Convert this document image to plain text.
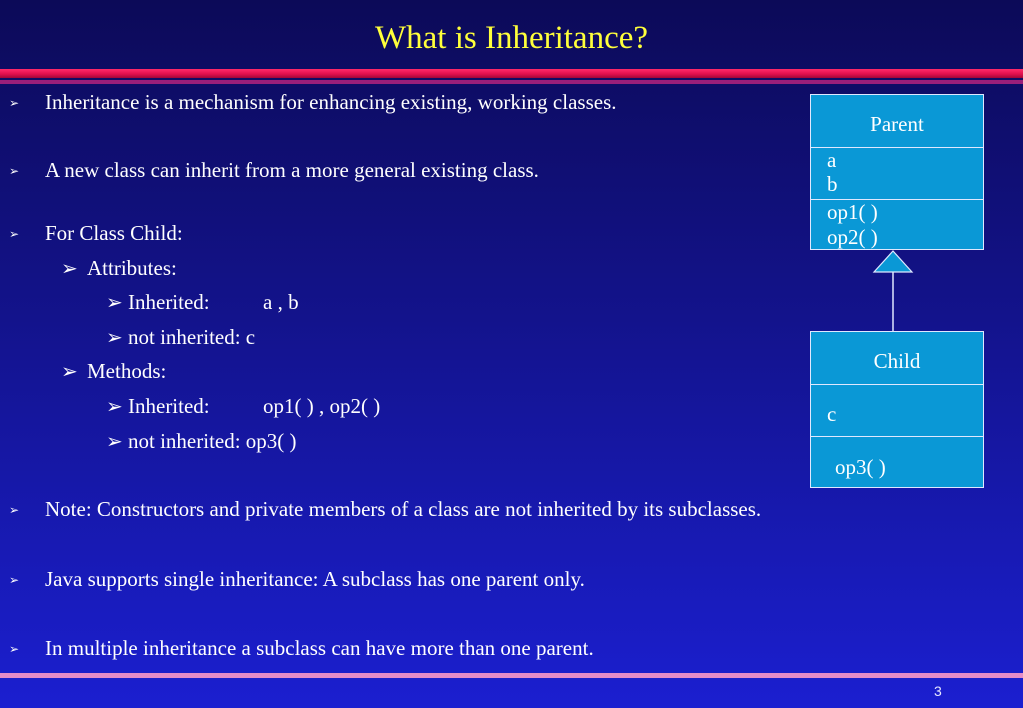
What is Inheritance?
➢ Inheritance is a mechanism for enhancing existing, working classes.
➢ A new class can inherit from a more general existing class.
➢ For Class Child:
➢ Attributes:
➢ Inherited:	a , b
➢ not inherited: c
➢ Methods:
➢ Inherited:	op1( ) , op2( )
➢ not inherited: op3( )
➢ Note: Constructors and private members of a class are not inherited by its subclasses.
➢ Java supports single inheritance: A subclass has one parent only.
➢ In multiple inheritance a subclass can have more than one parent.
Parent
a
b
op1( )
op2( )
Child
c
op3( )
3
